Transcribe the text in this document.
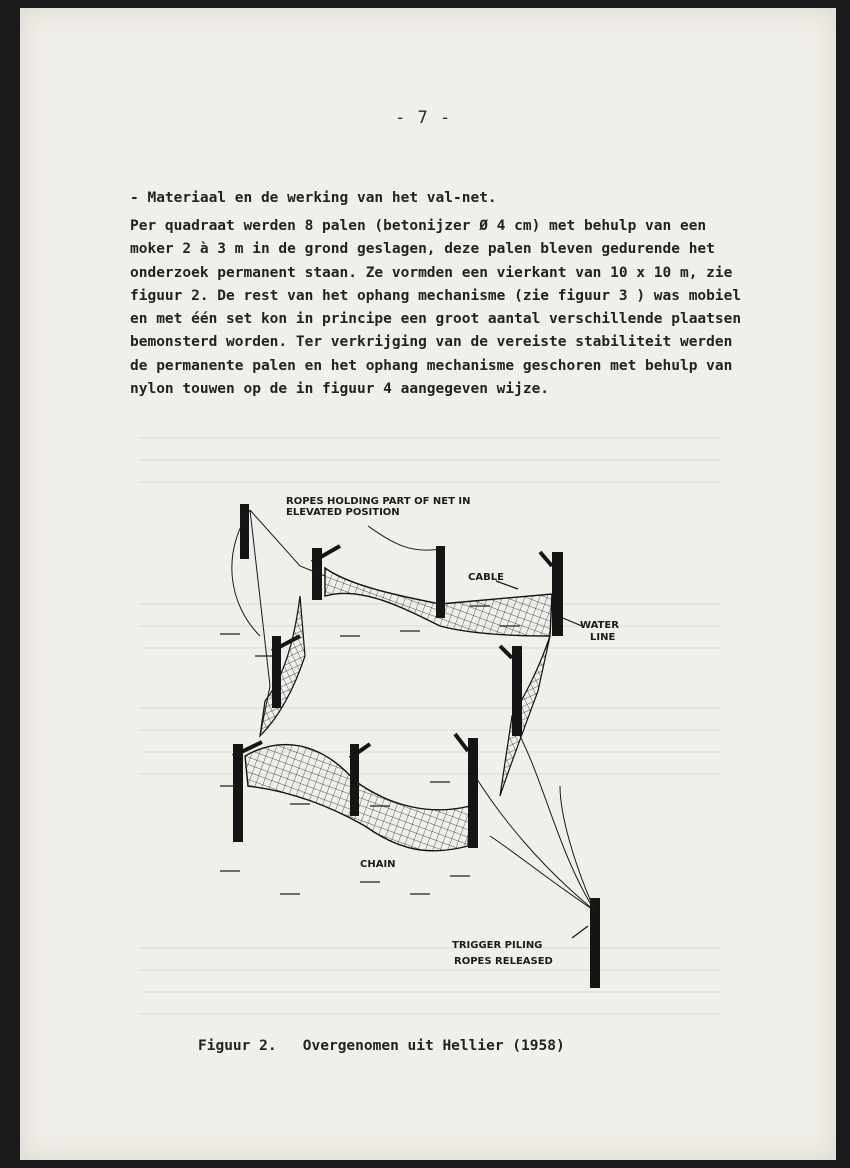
- 7 -
- Materiaal en de werking van het val-net.
Per quadraat werden 8 palen (betonijzer Ø 4 cm) met behulp van een
moker 2 à 3 m in de grond geslagen, deze palen bleven gedurende het
onderzoek permanent staan. Ze vormden een vierkant van 10 x 10 m, zie
figuur 2. De rest van het ophang mechanisme (zie figuur 3 ) was mobiel
en met één set kon in principe een groot aantal verschillende plaatsen
bemonsterd worden. Ter verkrijging van de vereiste stabiliteit werden
de permanente palen en het ophang mechanisme geschoren met behulp van
nylon touwen op de in figuur 4 aangegeven wijze.
ROPES HOLDING PART OF NET IN
ELEVATED POSITION
CABLE
WATER
LINE
CHAIN
TRIGGER PILING
ROPES RELEASED
Figuur 2. Overgenomen uit Hellier (1958)
